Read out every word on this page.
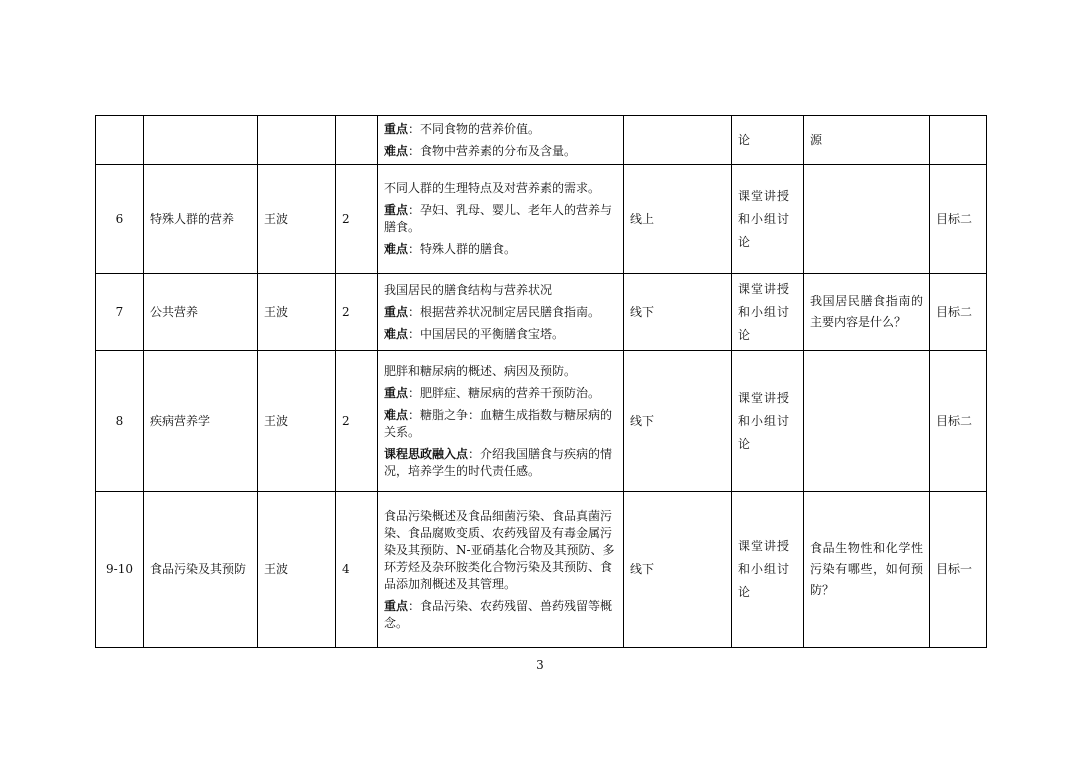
				重点：不同食物的营养价值。

难点：食物中营养素的分布及含量。		论	源	
6	特殊人群的营养	王波	2	不同人群的生理特点及对营养素的需求。

重点：孕妇、乳母、婴儿、老年人的营养与膳食。

难点：特殊人群的膳食。	线上	课堂讲授和小组讨论		目标二
7	公共营养	王波	2	我国居民的膳食结构与营养状况

重点：根据营养状况制定居民膳食指南。

难点：中国居民的平衡膳食宝塔。	线下	课堂讲授和小组讨论	我国居民膳食指南的主要内容是什么？	目标二
8	疾病营养学	王波	2	肥胖和糖尿病的概述、病因及预防。

重点：肥胖症、糖尿病的营养干预防治。

难点：糖脂之争：血糖生成指数与糖尿病的关系。

课程思政融入点：介绍我国膳食与疾病的情况，培养学生的时代责任感。	线下	课堂讲授和小组讨论		目标二
9-10	食品污染及其预防	王波	4	食品污染概述及食品细菌污染、食品真菌污染、食品腐败变质、农药残留及有毒金属污染及其预防、N-亚硝基化合物及其预防、多环芳烃及杂环胺类化合物污染及其预防、食品添加剂概述及其管理。

重点：食品污染、农药残留、兽药残留等概念。	线下	课堂讲授和小组讨论	食品生物性和化学性污染有哪些，如何预防？	目标一
3
